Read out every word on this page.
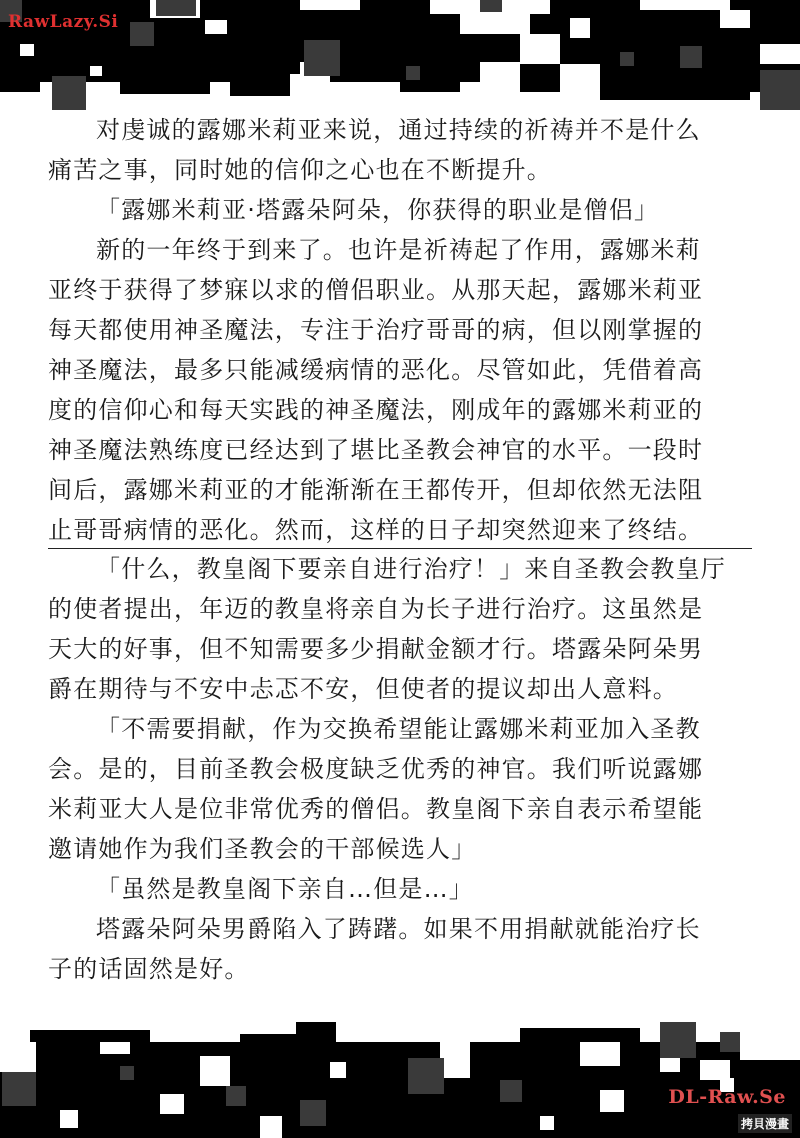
RawLazy.Si
对虔诚的露娜米莉亚来说，通过持续的祈祷并不是什么
痛苦之事，同时她的信仰之心也在不断提升。
「露娜米莉亚·塔露朵阿朵，你获得的职业是僧侣」
新的一年终于到来了。也许是祈祷起了作用，露娜米莉
亚终于获得了梦寐以求的僧侣职业。从那天起，露娜米莉亚
每天都使用神圣魔法，专注于治疗哥哥的病，但以刚掌握的
神圣魔法，最多只能减缓病情的恶化。尽管如此，凭借着高
度的信仰心和每天实践的神圣魔法，刚成年的露娜米莉亚的
神圣魔法熟练度已经达到了堪比圣教会神官的水平。一段时
间后，露娜米莉亚的才能渐渐在王都传开，但却依然无法阻
止哥哥病情的恶化。然而，这样的日子却突然迎来了终结。
「什么，教皇阁下要亲自进行治疗！」来自圣教会教皇厅
的使者提出，年迈的教皇将亲自为长子进行治疗。这虽然是
天大的好事，但不知需要多少捐献金额才行。塔露朵阿朵男
爵在期待与不安中忐忑不安，但使者的提议却出人意料。
「不需要捐献，作为交换希望能让露娜米莉亚加入圣教
会。是的，目前圣教会极度缺乏优秀的神官。我们听说露娜
米莉亚大人是位非常优秀的僧侣。教皇阁下亲自表示希望能
邀请她作为我们圣教会的干部候选人」
「虽然是教皇阁下亲自…但是…」
塔露朵阿朵男爵陷入了踌躇。如果不用捐献就能治疗长
子的话固然是好。
DL-Raw.Se
拷貝漫畫
